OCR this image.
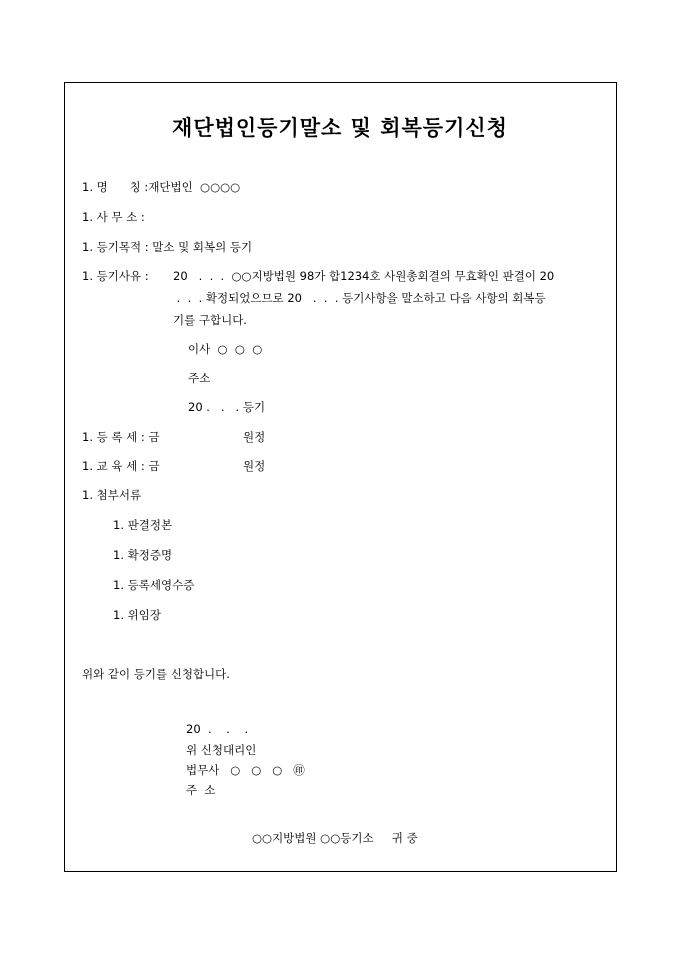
재단법인등기말소 및 회복등기신청
1. 명      칭 :재단법인  ○○○○
1. 사 무 소 :
1. 등기목적 : 말소 및 회복의 등기
1. 등기사유 : 20   .  .  .  ○○지방법원 98가 합1234호 사원총회결의 무효확인 판결이 20
.  .  . 확정되었으므로 20   .  .  . 등기사항을 말소하고 다음 사항의 회복등
기를 구합니다.
이사  ○  ○  ○
주소
20 .   .   . 등기
1. 등 록 세 : 금	원정
1. 교 육 세 : 금	원정
1. 첨부서류
1. 판결정본
1. 확정증명
1. 등록세영수증
1. 위임장
위와 같이 등기를 신청합니다.
20  .    .    .
위 신청대리인
법무사   ○   ○   ○   ㊞
주  소
○○지방법원 ○○등기소     귀 중
